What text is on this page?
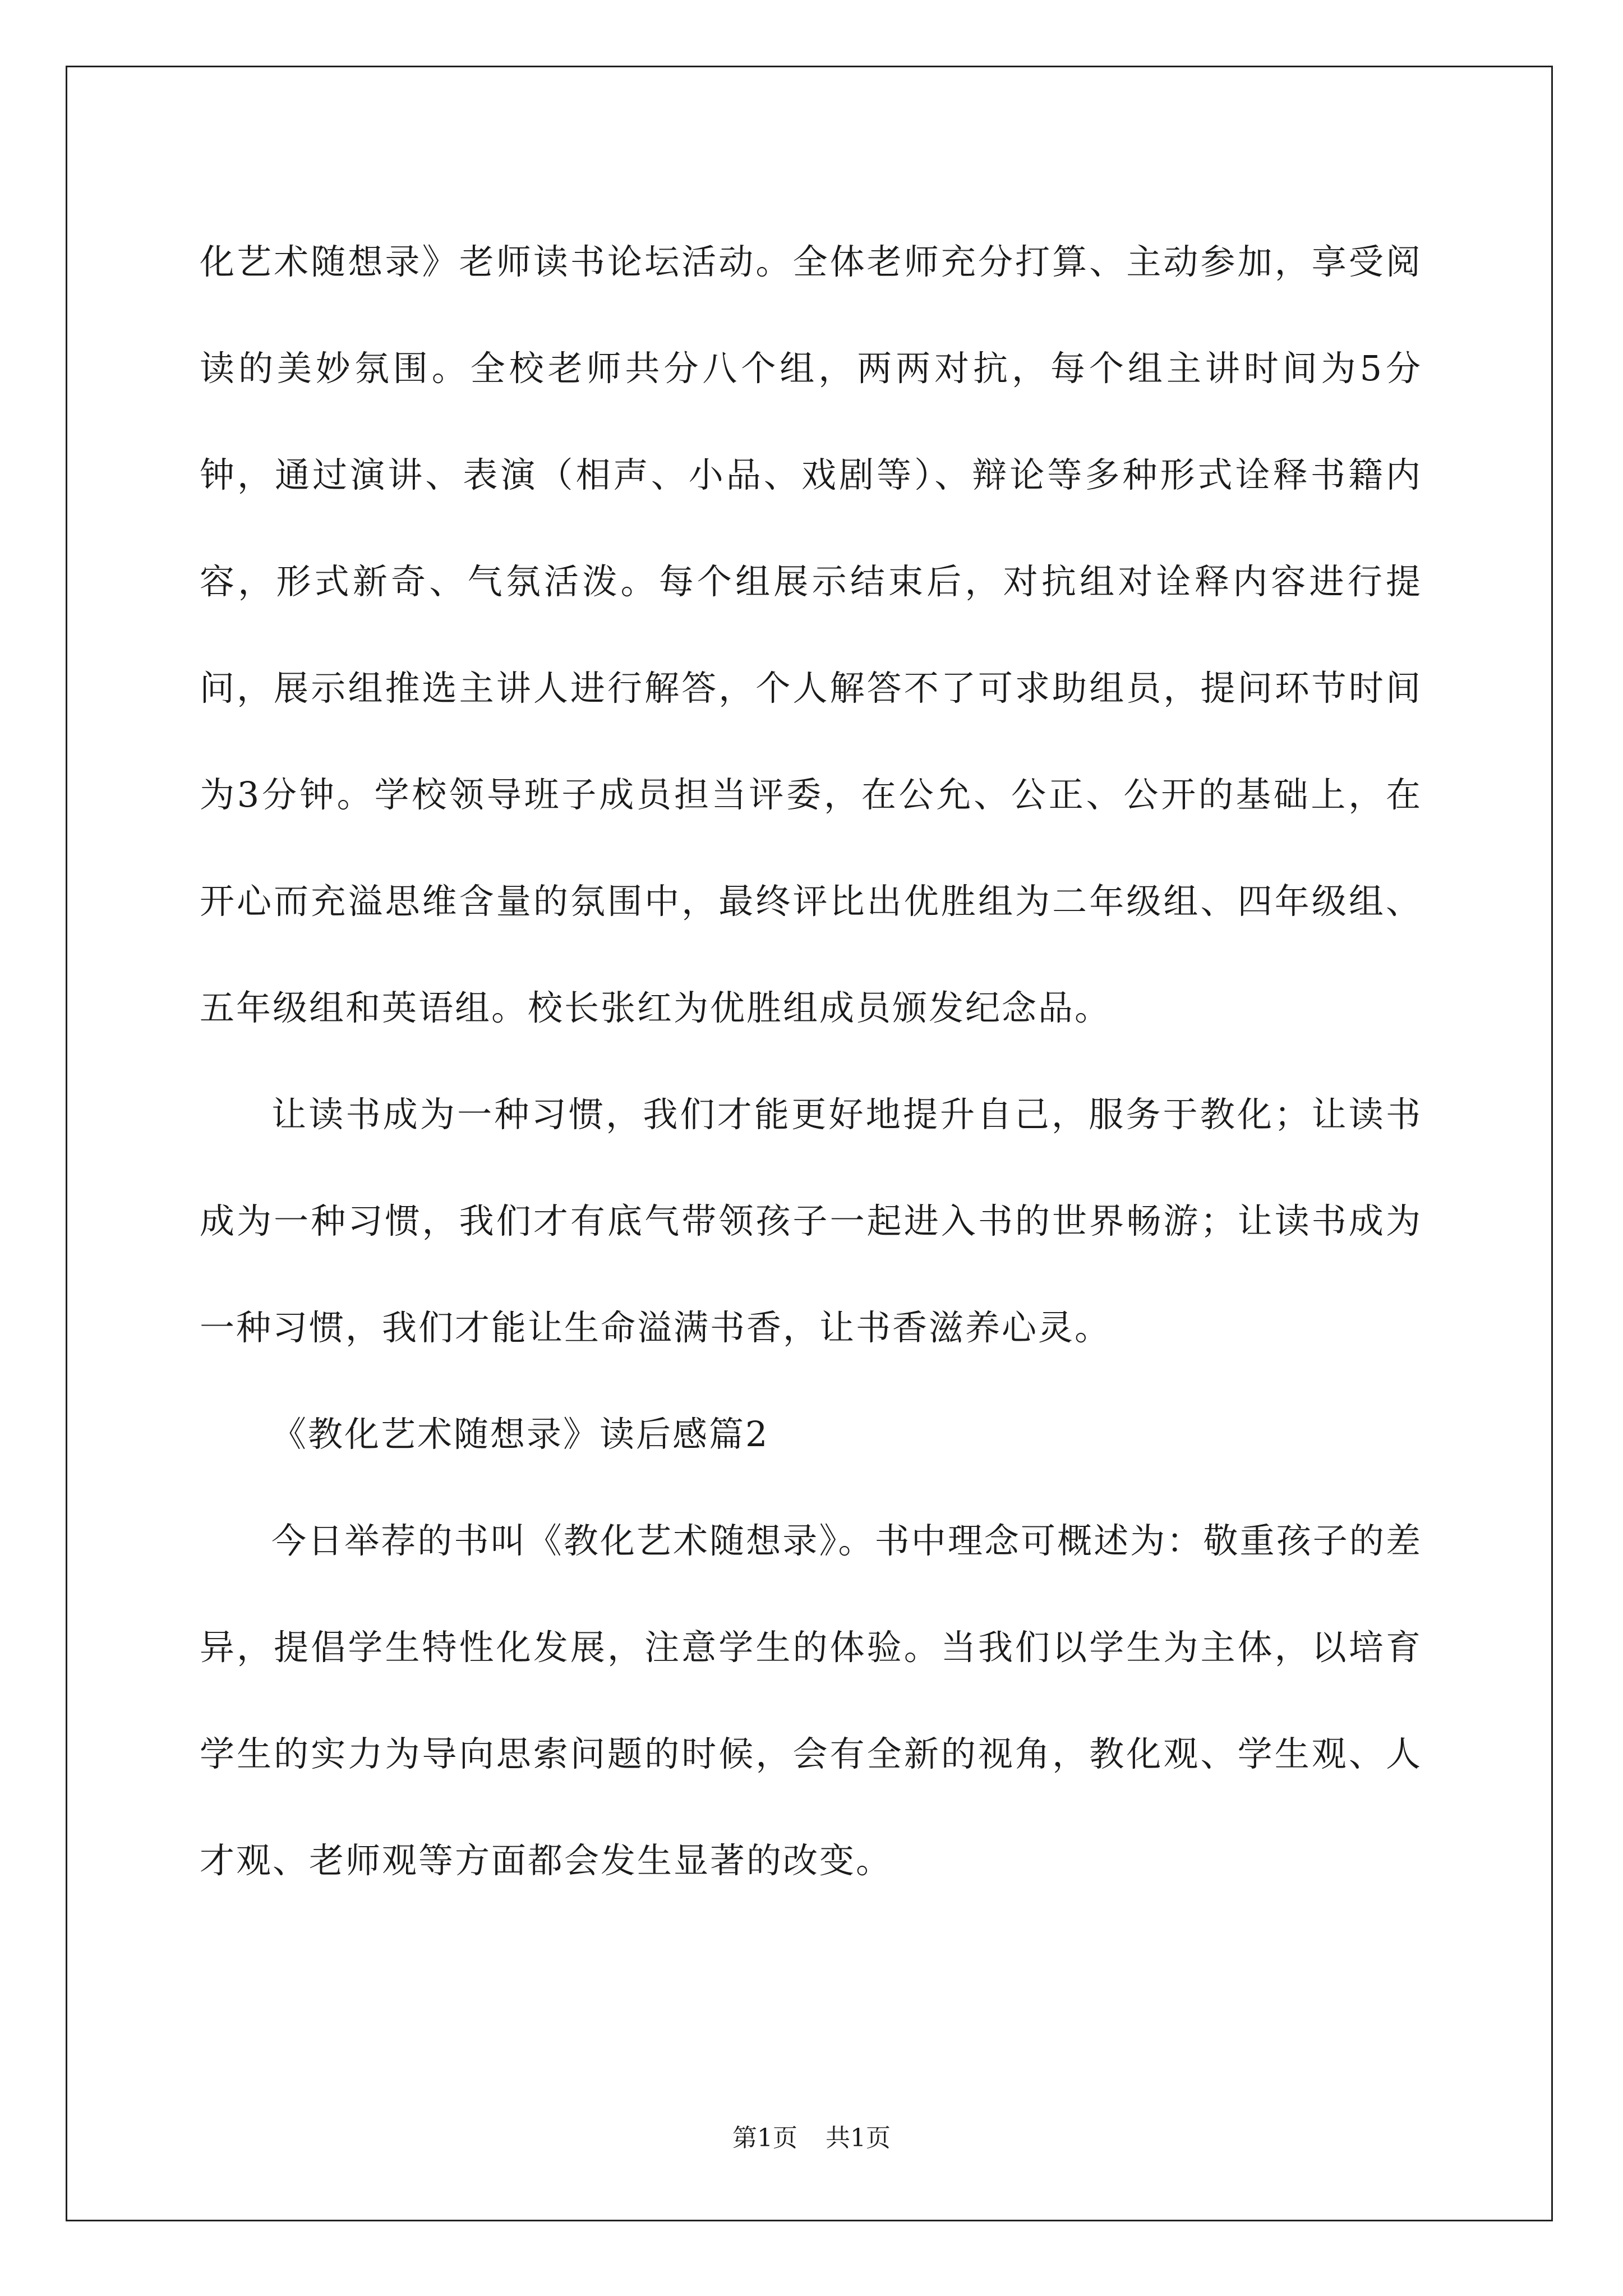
化艺术随想录》老师读书论坛活动。全体老师充分打算、主动参加，享受阅读的美妙氛围。全校老师共分八个组，两两对抗，每个组主讲时间为5分钟，通过演讲、表演（相声、小品、戏剧等）、辩论等多种形式诠释书籍内容，形式新奇、气氛活泼。每个组展示结束后，对抗组对诠释内容进行提问，展示组推选主讲人进行解答，个人解答不了可求助组员，提问环节时间为3分钟。学校领导班子成员担当评委，在公允、公正、公开的基础上，在开心而充溢思维含量的氛围中，最终评比出优胜组为二年级组、四年级组、五年级组和英语组。校长张红为优胜组成员颁发纪念品。

让读书成为一种习惯，我们才能更好地提升自己，服务于教化；让读书成为一种习惯，我们才有底气带领孩子一起进入书的世界畅游；让读书成为一种习惯，我们才能让生命溢满书香，让书香滋养心灵。

《教化艺术随想录》读后感篇2

今日举荐的书叫《教化艺术随想录》。书中理念可概述为：敬重孩子的差异，提倡学生特性化发展，注意学生的体验。当我们以学生为主体，以培育学生的实力为导向思索问题的时候，会有全新的视角，教化观、学生观、人才观、老师观等方面都会发生显著的改变。

第1页 共1页
